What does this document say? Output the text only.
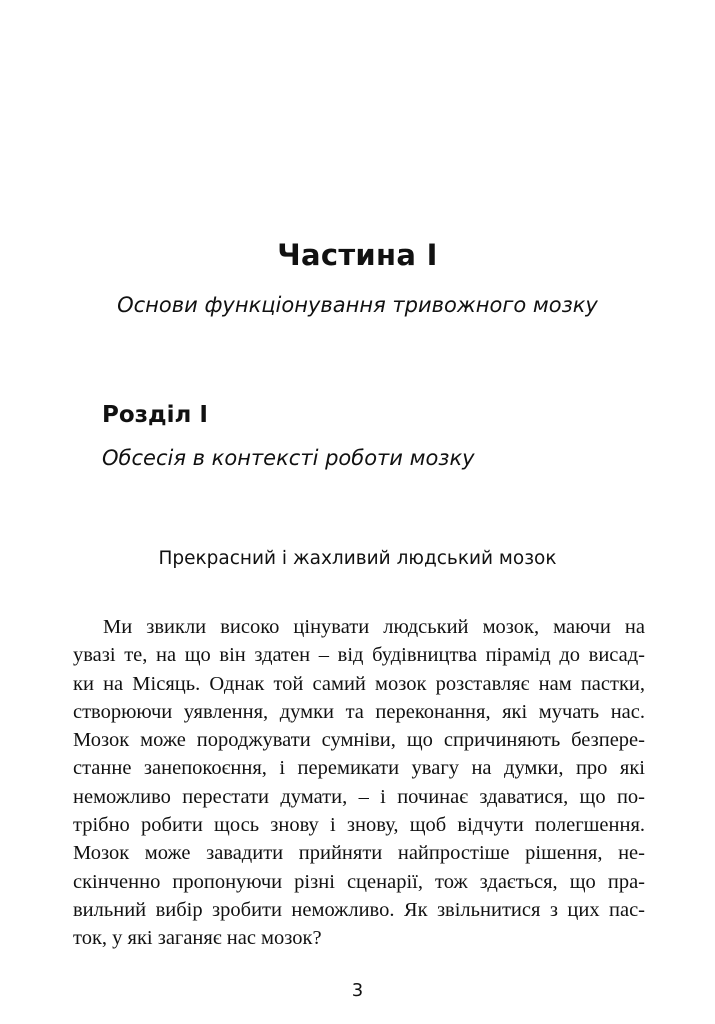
Частина I
Основи функціонування тривожного мозку
Розділ I
Обсесія в контексті роботи мозку
Прекрасний і жахливий людський мозок
Ми звикли високо цінувати людський мозок, маючи на
увазі те, на що він здатен – від будівництва пірамід до висад-
ки на Місяць. Однак той самий мозок розставляє нам пастки,
створюючи уявлення, думки та переконання, які мучать нас.
Мозок може породжувати сумніви, що спричиняють безпере-
станне занепокоєння, і перемикати увагу на думки, про які
неможливо перестати думати, – і починає здаватися, що по-
трібно робити щось знову і знову, щоб відчути полегшення.
Мозок може завадити прийняти найпростіше рішення, не-
скінченно пропонуючи різні сценарії, тож здається, що пра-
вильний вибір зробити неможливо. Як звільнитися з цих пас-
ток, у які заганяє нас мозок?
3
